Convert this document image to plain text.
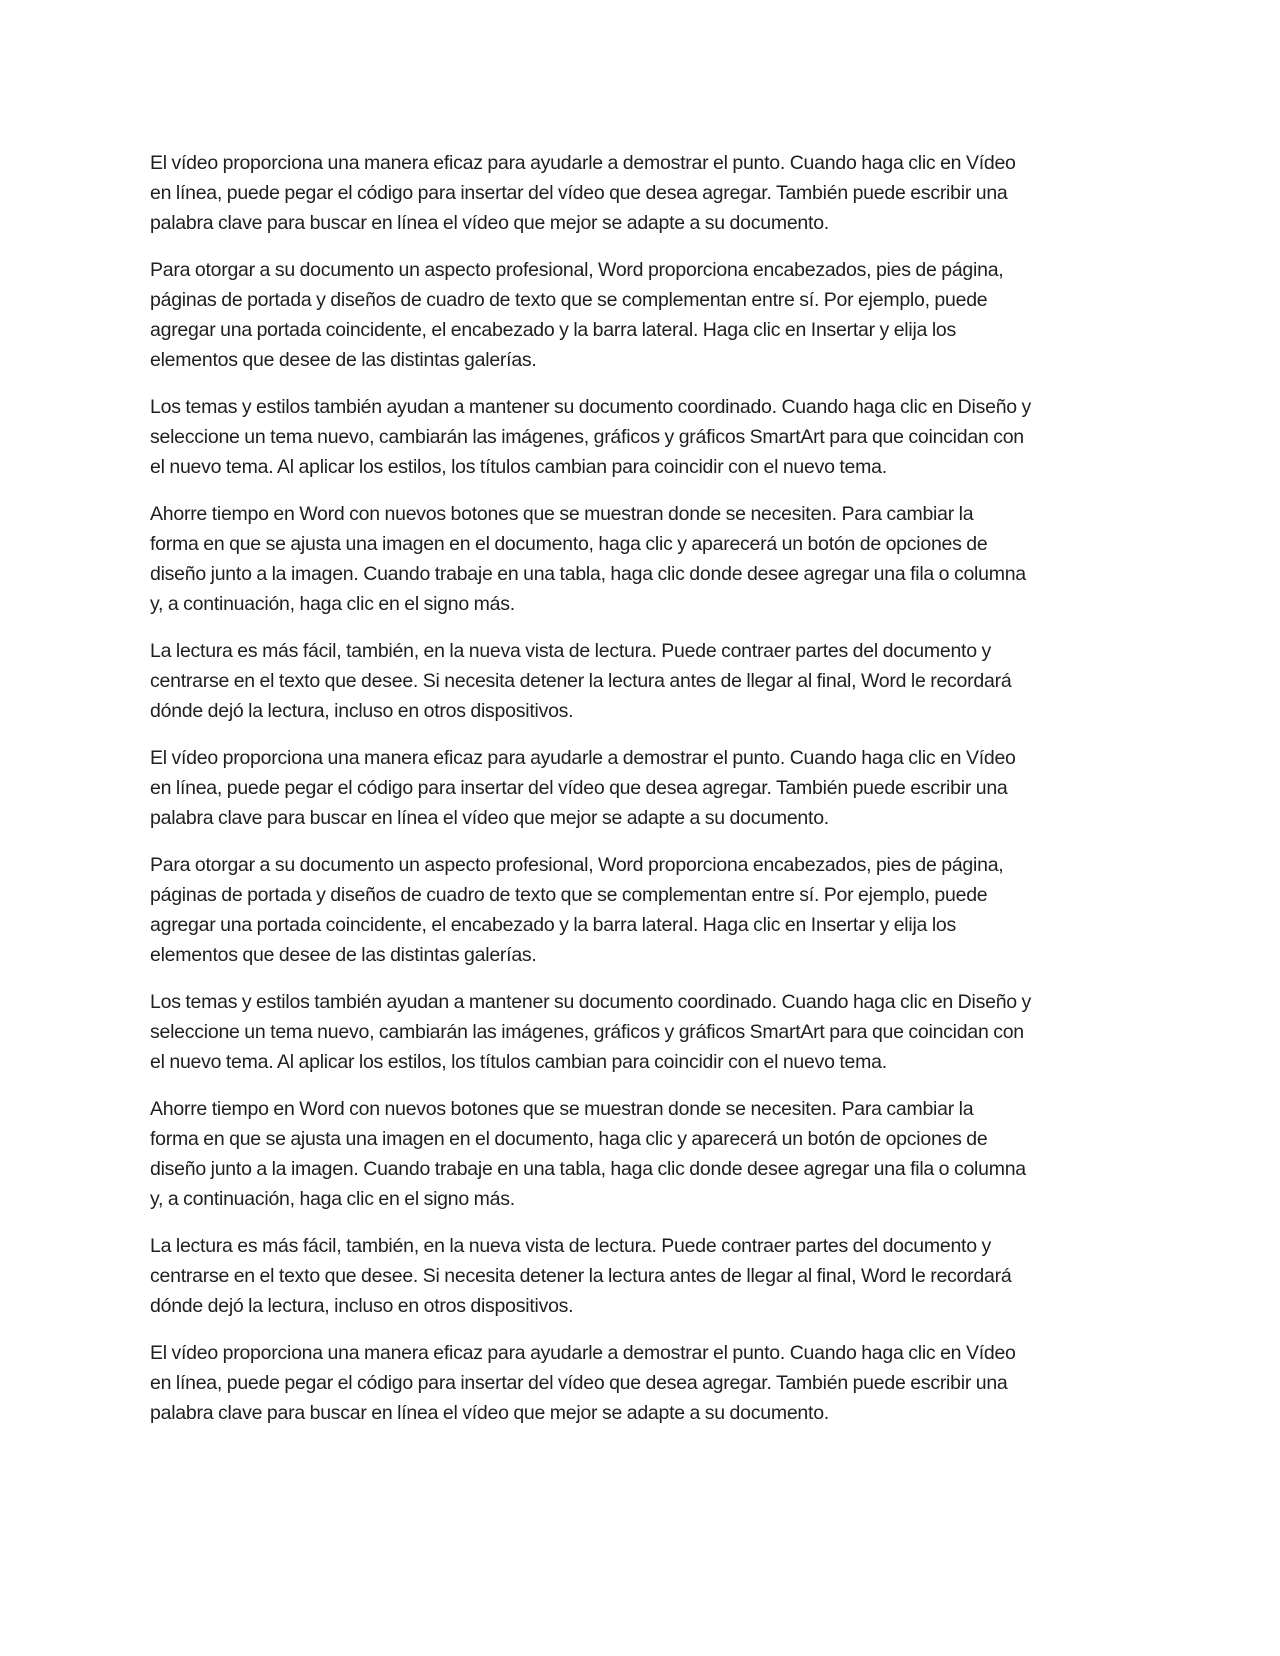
El vídeo proporciona una manera eficaz para ayudarle a demostrar el punto. Cuando haga clic en Vídeo
en línea, puede pegar el código para insertar del vídeo que desea agregar. También puede escribir una
palabra clave para buscar en línea el vídeo que mejor se adapte a su documento.

Para otorgar a su documento un aspecto profesional, Word proporciona encabezados, pies de página,
páginas de portada y diseños de cuadro de texto que se complementan entre sí. Por ejemplo, puede
agregar una portada coincidente, el encabezado y la barra lateral. Haga clic en Insertar y elija los
elementos que desee de las distintas galerías.

Los temas y estilos también ayudan a mantener su documento coordinado. Cuando haga clic en Diseño y
seleccione un tema nuevo, cambiarán las imágenes, gráficos y gráficos SmartArt para que coincidan con
el nuevo tema. Al aplicar los estilos, los títulos cambian para coincidir con el nuevo tema.

Ahorre tiempo en Word con nuevos botones que se muestran donde se necesiten. Para cambiar la
forma en que se ajusta una imagen en el documento, haga clic y aparecerá un botón de opciones de
diseño junto a la imagen. Cuando trabaje en una tabla, haga clic donde desee agregar una fila o columna
y, a continuación, haga clic en el signo más.

La lectura es más fácil, también, en la nueva vista de lectura. Puede contraer partes del documento y
centrarse en el texto que desee. Si necesita detener la lectura antes de llegar al final, Word le recordará
dónde dejó la lectura, incluso en otros dispositivos.

El vídeo proporciona una manera eficaz para ayudarle a demostrar el punto. Cuando haga clic en Vídeo
en línea, puede pegar el código para insertar del vídeo que desea agregar. También puede escribir una
palabra clave para buscar en línea el vídeo que mejor se adapte a su documento.

Para otorgar a su documento un aspecto profesional, Word proporciona encabezados, pies de página,
páginas de portada y diseños de cuadro de texto que se complementan entre sí. Por ejemplo, puede
agregar una portada coincidente, el encabezado y la barra lateral. Haga clic en Insertar y elija los
elementos que desee de las distintas galerías.

Los temas y estilos también ayudan a mantener su documento coordinado. Cuando haga clic en Diseño y
seleccione un tema nuevo, cambiarán las imágenes, gráficos y gráficos SmartArt para que coincidan con
el nuevo tema. Al aplicar los estilos, los títulos cambian para coincidir con el nuevo tema.

Ahorre tiempo en Word con nuevos botones que se muestran donde se necesiten. Para cambiar la
forma en que se ajusta una imagen en el documento, haga clic y aparecerá un botón de opciones de
diseño junto a la imagen. Cuando trabaje en una tabla, haga clic donde desee agregar una fila o columna
y, a continuación, haga clic en el signo más.

La lectura es más fácil, también, en la nueva vista de lectura. Puede contraer partes del documento y
centrarse en el texto que desee. Si necesita detener la lectura antes de llegar al final, Word le recordará
dónde dejó la lectura, incluso en otros dispositivos.

El vídeo proporciona una manera eficaz para ayudarle a demostrar el punto. Cuando haga clic en Vídeo
en línea, puede pegar el código para insertar del vídeo que desea agregar. También puede escribir una
palabra clave para buscar en línea el vídeo que mejor se adapte a su documento.
